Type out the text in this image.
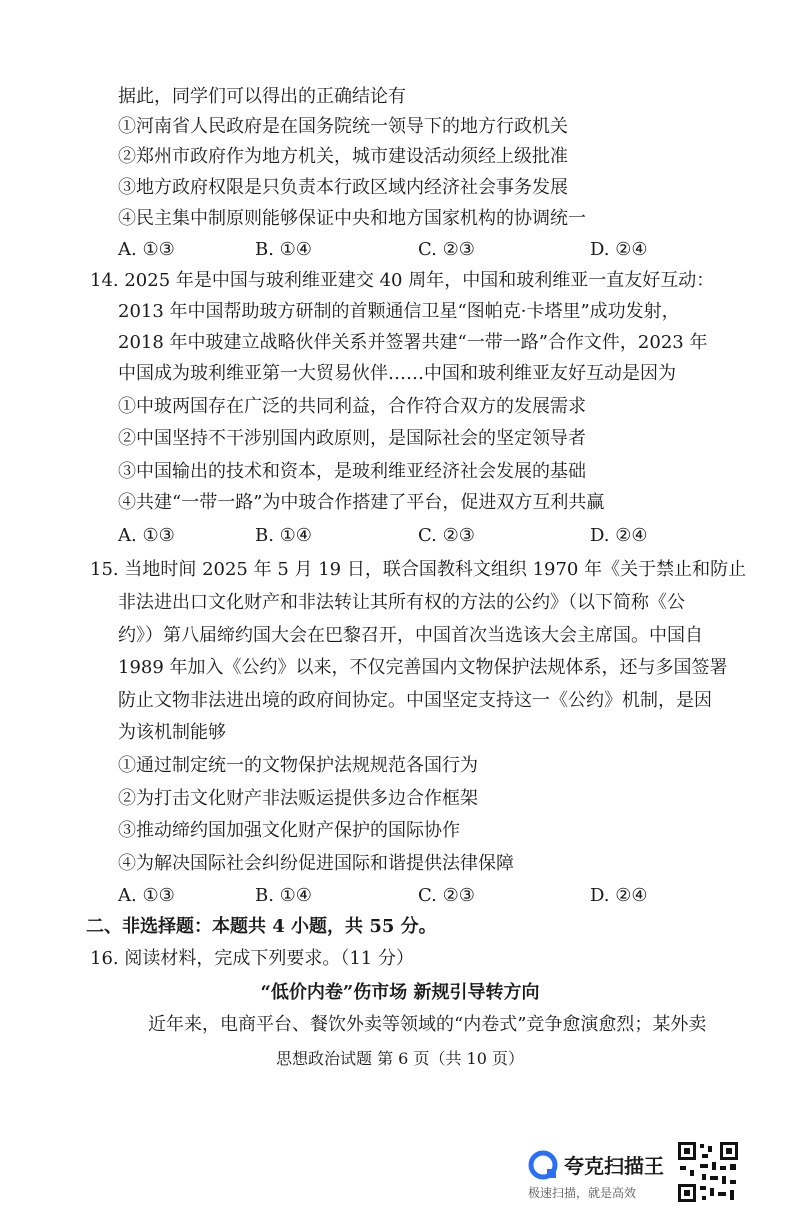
据此，同学们可以得出的正确结论有
①河南省人民政府是在国务院统一领导下的地方行政机关
②郑州市政府作为地方机关，城市建设活动须经上级批准
③地方政府权限是只负责本行政区域内经济社会事务发展
④民主集中制原则能够保证中央和地方国家机构的协调统一
A. ①③	B. ①④	C. ②③	D. ②④
14. 2025 年是中国与玻利维亚建交 40 周年，中国和玻利维亚一直友好互动：
2013 年中国帮助玻方研制的首颗通信卫星“图帕克·卡塔里”成功发射，
2018 年中玻建立战略伙伴关系并签署共建“一带一路”合作文件，2023 年
中国成为玻利维亚第一大贸易伙伴……中国和玻利维亚友好互动是因为
①中玻两国存在广泛的共同利益，合作符合双方的发展需求
②中国坚持不干涉别国内政原则，是国际社会的坚定领导者
③中国输出的技术和资本，是玻利维亚经济社会发展的基础
④共建“一带一路”为中玻合作搭建了平台，促进双方互利共赢
A. ①③	B. ①④	C. ②③	D. ②④
15. 当地时间 2025 年 5 月 19 日，联合国教科文组织 1970 年《关于禁止和防止
非法进出口文化财产和非法转让其所有权的方法的公约》（以下简称《公
约》）第八届缔约国大会在巴黎召开，中国首次当选该大会主席国。中国自
1989 年加入《公约》以来，不仅完善国内文物保护法规体系，还与多国签署
防止文物非法进出境的政府间协定。中国坚定支持这一《公约》机制，是因
为该机制能够
①通过制定统一的文物保护法规规范各国行为
②为打击文化财产非法贩运提供多边合作框架
③推动缔约国加强文化财产保护的国际协作
④为解决国际社会纠纷促进国际和谐提供法律保障
A. ①③	B. ①④	C. ②③	D. ②④
二、非选择题：本题共 4 小题，共 55 分。
16. 阅读材料，完成下列要求。（11 分）
“低价内卷”伤市场 新规引导转方向
近年来，电商平台、餐饮外卖等领域的“内卷式”竞争愈演愈烈；某外卖
思想政治试题 第 6 页（共 10 页）
夸克扫描王
极速扫描，就是高效
